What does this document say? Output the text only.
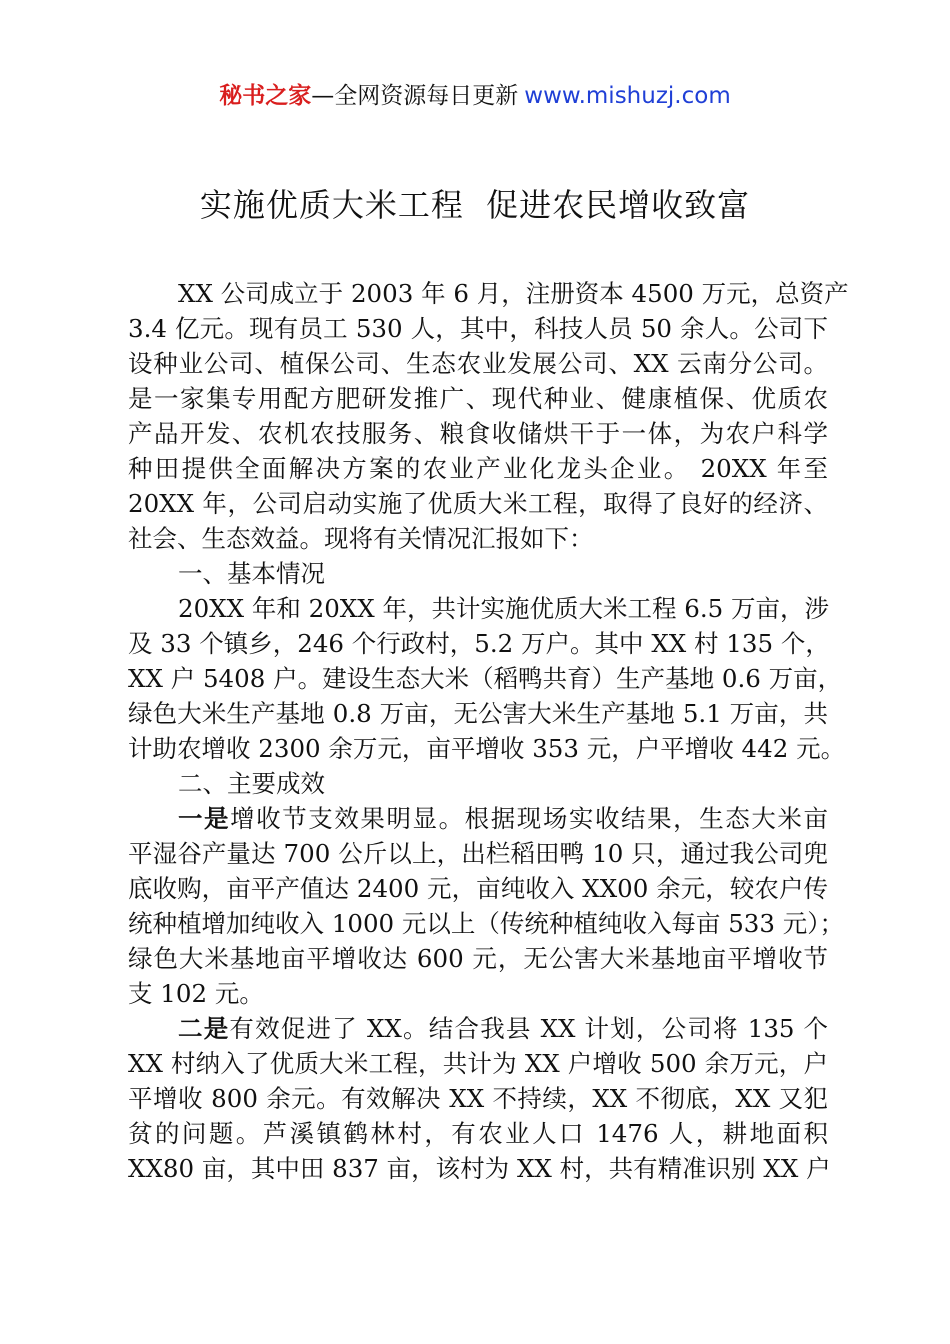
秘书之家—全网资源每日更新 www.mishuzj.com
实施优质大米工程  促进农民增收致富
XX 公司成立于 2003 年 6 月，注册资本 4500 万元，总资产
3.4 亿元。现有员工 530 人，其中，科技人员 50 余人。公司下
设种业公司、植保公司、生态农业发展公司、XX 云南分公司。
是一家集专用配方肥研发推广、现代种业、健康植保、优质农
产品开发、农机农技服务、粮食收储烘干于一体，为农户科学
种田提供全面解决方案的农业产业化龙头企业。 20XX 年至
20XX 年，公司启动实施了优质大米工程，取得了良好的经济、
社会、生态效益。现将有关情况汇报如下：
一、基本情况
20XX 年和 20XX 年，共计实施优质大米工程 6.5 万亩，涉
及 33 个镇乡，246 个行政村，5.2 万户。其中 XX 村 135 个，
XX 户 5408 户。建设生态大米（稻鸭共育）生产基地 0.6 万亩，
绿色大米生产基地 0.8 万亩，无公害大米生产基地 5.1 万亩，共
计助农增收 2300 余万元，亩平增收 353 元，户平增收 442 元。
二、主要成效
一是增收节支效果明显。根据现场实收结果，生态大米亩
平湿谷产量达 700 公斤以上，出栏稻田鸭 10 只，通过我公司兜
底收购，亩平产值达 2400 元，亩纯收入 XX00 余元，较农户传
统种植增加纯收入 1000 元以上（传统种植纯收入每亩 533 元）；
绿色大米基地亩平增收达 600 元，无公害大米基地亩平增收节
支 102 元。
二是有效促进了 XX。结合我县 XX 计划，公司将 135 个
XX 村纳入了优质大米工程，共计为 XX 户增收 500 余万元，户
平增收 800 余元。有效解决 XX 不持续，XX 不彻底，XX 又犯
贫的问题。芦溪镇鹤林村，有农业人口 1476 人，耕地面积
XX80 亩，其中田 837 亩，该村为 XX 村，共有精准识别 XX 户
